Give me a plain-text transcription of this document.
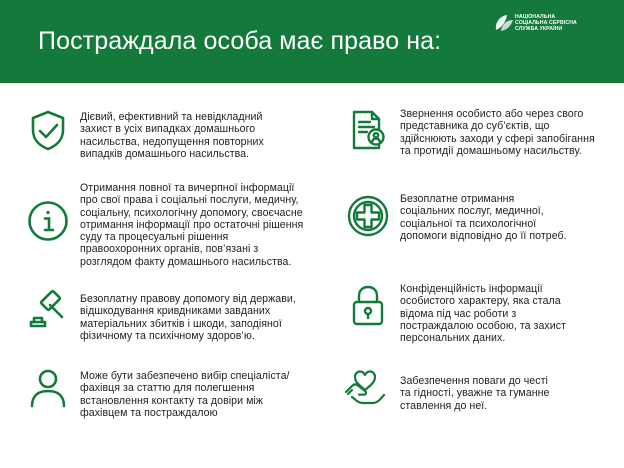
Постраждала особа має право на:
НАЦІОНАЛЬНА
СОЦІАЛЬНА СЕРВІСНА
СЛУЖБА УКРАЇНИ
Дієвий, ефективний та невідкладний
захист в усіх випадках домашнього
насильства, недопущення повторних
випадків домашнього насильства.
Отримання повної та вичерпної інформації
про свої права і соціальні послуги, медичну,
соціальну, психологічну допомогу, своєчасне
отримання інформації про остаточні рішення
суду та процесуальні рішення
правоохоронних органів, пов’язані з
розглядом факту домашнього насильства.
Безоплатну правову допомогу від держави,
відшкодування кривдниками завданих
матеріальних збитків і шкоди, заподіяної
фізичному та психічному здоров’ю.
Може бути забезпечено вибір спеціаліста/
фахівця за статтю для полегшення
встановлення контакту та довіри між
фахівцем та постраждалою
Звернення особисто або через свого
представника до суб’єктів, що
здійснюють заходи у сфері запобігання
та протидії домашньому насильству.
Безоплатне отримання
соціальних послуг, медичної,
соціальної та психологічної
допомоги відповідно до її потреб.
Конфіденційність інформації
особистого характеру, яка стала
відома під час роботи з
постраждалою особою, та захист
персональних даних.
Забезпечення поваги до честі
та гідності, уважне та гуманне
ставлення до неї.
